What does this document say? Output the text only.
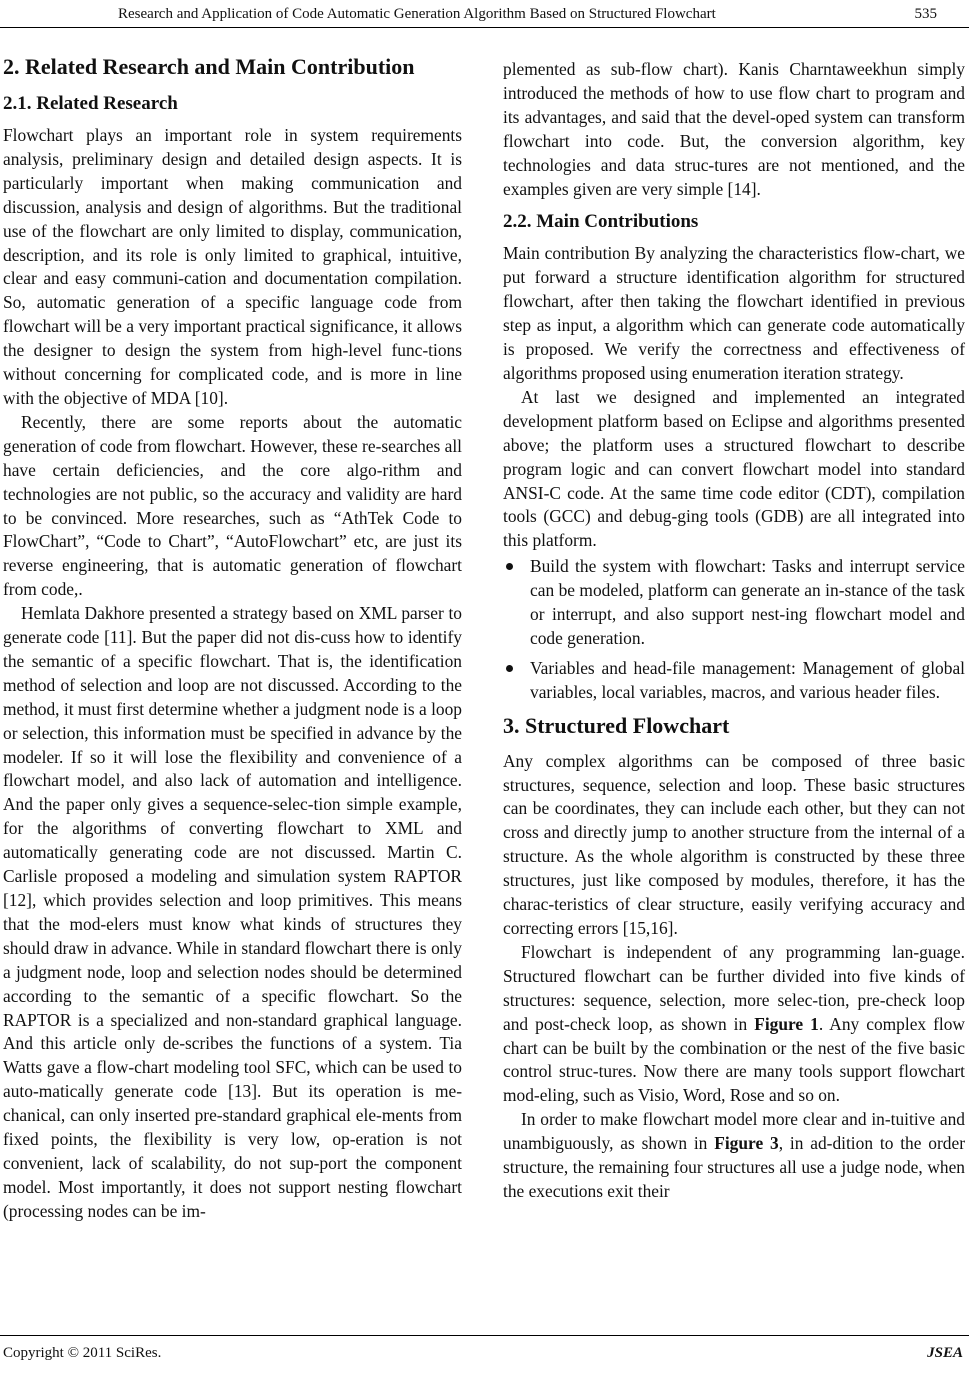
Research and Application of Code Automatic Generation Algorithm Based on Structured Flowchart	535
2. Related Research and Main Contribution
2.1. Related Research

Flowchart plays an important role in system requirements analysis, preliminary design and detailed design aspects. It is particularly important when making communication and discussion, analysis and design of algorithms. But the traditional use of the flowchart are only limited to display, communication, description, and its role is only limited to graphical, intuitive, clear and easy communi-cation and documentation compilation. So, automatic generation of a specific language code from flowchart will be a very important practical significance, it allows the designer to design the system from high-level func-tions without concerning for complicated code, and is more in line with the objective of MDA [10].

Recently, there are some reports about the automatic generation of code from flowchart. However, these re-searches all have certain deficiencies, and the core algo-rithm and technologies are not public, so the accuracy and validity are hard to be convinced. More researches, such as “AthTek Code to FlowChart”, “Code to Chart”, “AutoFlowchart” etc, are just its reverse engineering, that is automatic generation of flowchart from code,.

Hemlata Dakhore presented a strategy based on XML parser to generate code [11]. But the paper did not dis-cuss how to identify the semantic of a specific flowchart. That is, the identification method of selection and loop are not discussed. According to the method, it must first determine whether a judgment node is a loop or selection, this information must be specified in advance by the modeler. If so it will lose the flexibility and convenience of a flowchart model, and also lack of automation and intelligence. And the paper only gives a sequence-selec-tion simple example, for the algorithms of converting flowchart to XML and automatically generating code are not discussed. Martin C. Carlisle proposed a modeling and simulation system RAPTOR [12], which provides selection and loop primitives. This means that the mod-elers must know what kinds of structures they should draw in advance. While in standard flowchart there is only a judgment node, loop and selection nodes should be determined according to the semantic of a specific flowchart. So the RAPTOR is a specialized and non-standard graphical language. And this article only de-scribes the functions of a system. Tia Watts gave a flow-chart modeling tool SFC, which can be used to auto-matically generate code [13]. But its operation is me-chanical, can only inserted pre-standard graphical ele-ments from fixed points, the flexibility is very low, op-eration is not convenient, lack of scalability, do not sup-port the component model. Most importantly, it does not support nesting flowchart (processing nodes can be im-

plemented as sub-flow chart). Kanis Charntaweekhun simply introduced the methods of how to use flow chart to program and its advantages, and said that the devel-oped system can transform flowchart into code. But, the conversion algorithm, key technologies and data struc-tures are not mentioned, and the examples given are very simple [14].

2.2. Main Contributions

Main contribution By analyzing the characteristics flow-chart, we put forward a structure identification algorithm for structured flowchart, after then taking the flowchart identified in previous step as input, a algorithm which can generate code automatically is proposed. We verify the correctness and effectiveness of algorithms proposed using enumeration iteration strategy.

At last we designed and implemented an integrated development platform based on Eclipse and algorithms presented above; the platform uses a structured flowchart to describe program logic and can convert flowchart model into standard ANSI-C code. At the same time code editor (CDT), compilation tools (GCC) and debug-ging tools (GDB) are all integrated into this platform.

Build the system with flowchart: Tasks and interrupt service can be modeled, platform can generate an in-stance of the task or interrupt, and also support nest-ing flowchart model and code generation.
Variables and head-file management: Management of global variables, local variables, macros, and various header files.
3. Structured Flowchart

Any complex algorithms can be composed of three basic structures, sequence, selection and loop. These basic structures can be coordinates, they can include each other, but they can not cross and directly jump to another structure from the internal of a structure. As the whole algorithm is constructed by these three structures, just like composed by modules, therefore, it has the charac-teristics of clear structure, easily verifying accuracy and correcting errors [15,16].

Flowchart is independent of any programming lan-guage. Structured flowchart can be further divided into five kinds of structures: sequence, selection, more selec-tion, pre-check loop and post-check loop, as shown in Figure 1. Any complex flow chart can be built by the combination or the nest of the five basic control struc-tures. Now there are many tools support flowchart mod-eling, such as Visio, Word, Rose and so on.

In order to make flowchart model more clear and in-tuitive and unambiguously, as shown in Figure 3, in ad-dition to the order structure, the remaining four structures all use a judge node, when the executions exit their

Copyright © 2011 SciRes.	JSEA
